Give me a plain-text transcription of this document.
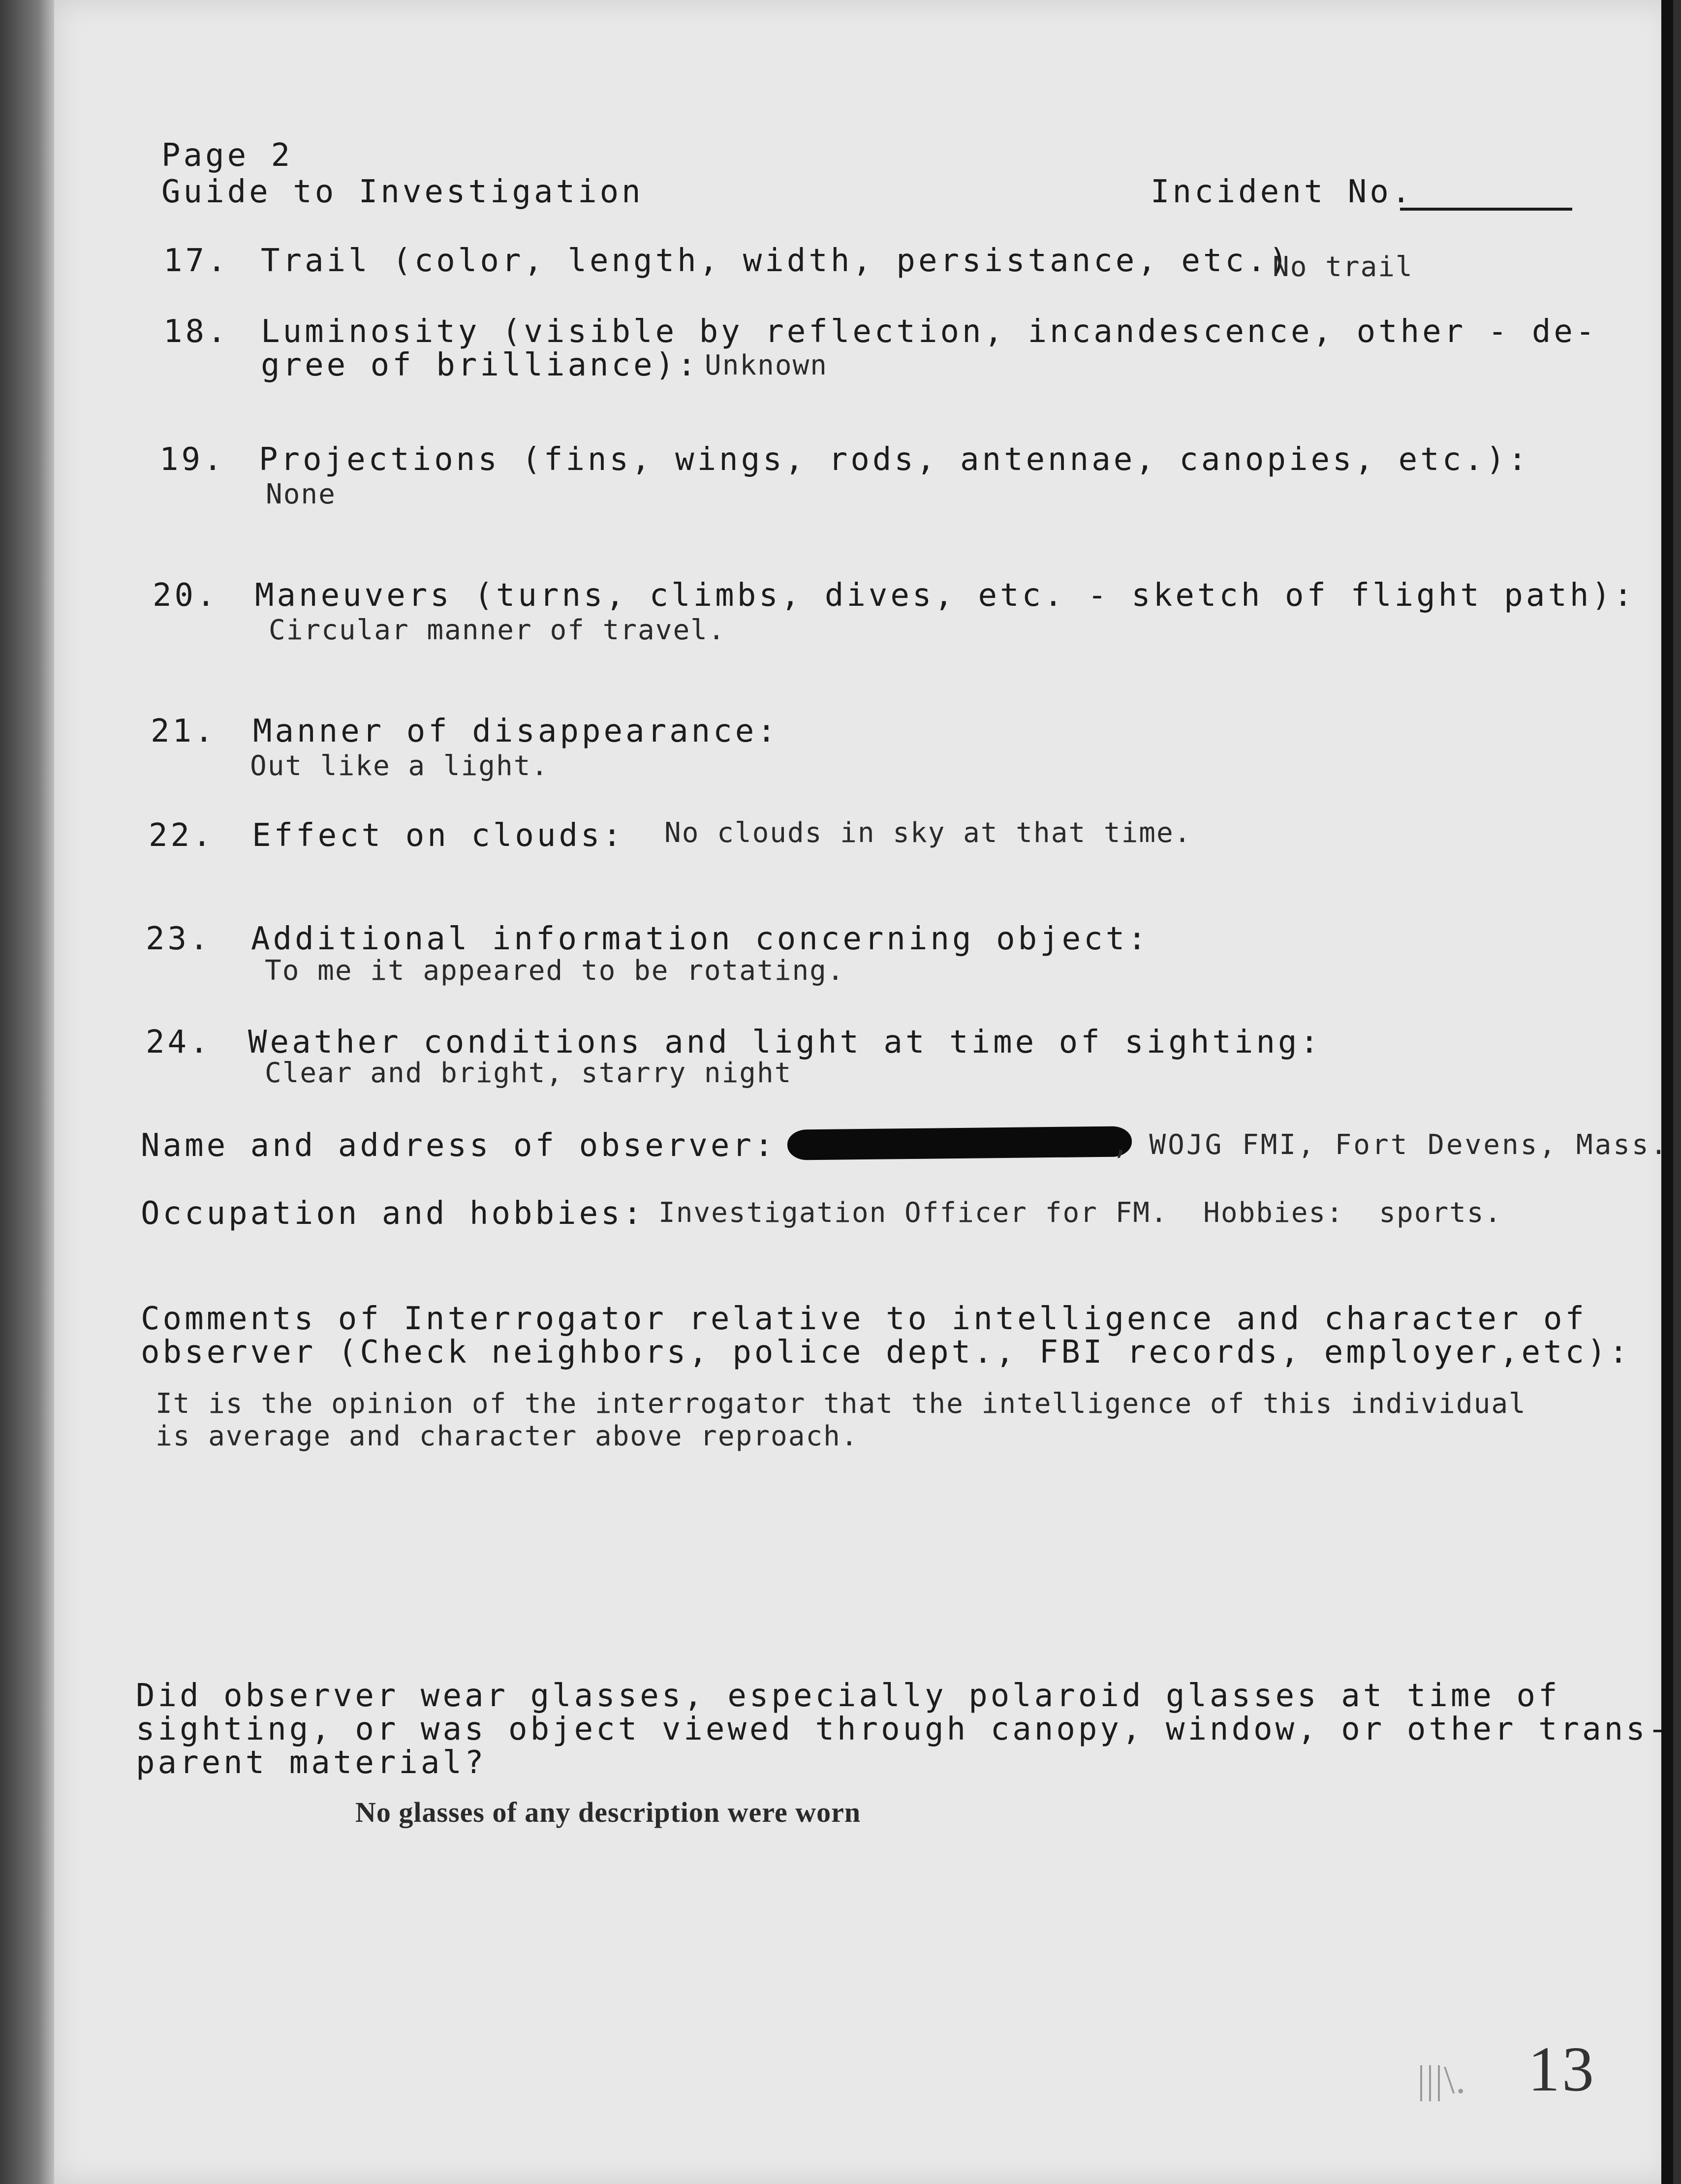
Page 2
Guide to Investigation	Incident No.
17. Trail (color, length, width, persistance, etc.)
No trail
18. Luminosity (visible by reflection, incandescence, other - de-
gree of brilliance): Unknown
19. Projections (fins, wings, rods, antennae, canopies, etc.):
None
20. Maneuvers (turns, climbs, dives, etc. - sketch of flight path):
Circular manner of travel.
21. Manner of disappearance:
Out like a light.
22. Effect on clouds: No clouds in sky at that time.
23. Additional information concerning object:
To me it appeared to be rotating.
24. Weather conditions and light at time of sighting:
Clear and bright, starry night
Name and address of observer:	, WOJG FMI, Fort Devens, Mass.
Occupation and hobbies: Investigation Officer for FM.  Hobbies:  sports.
Comments of Interrogator relative to intelligence and character of
observer (Check neighbors, police dept., FBI records, employer,etc):
It is the opinion of the interrogator that the intelligence of this individual
is average and character above reproach.
Did observer wear glasses, especially polaroid glasses at time of
sighting, or was object viewed through canopy, window, or other trans-
parent material?
No glasses of any description were worn
|||\. 13
